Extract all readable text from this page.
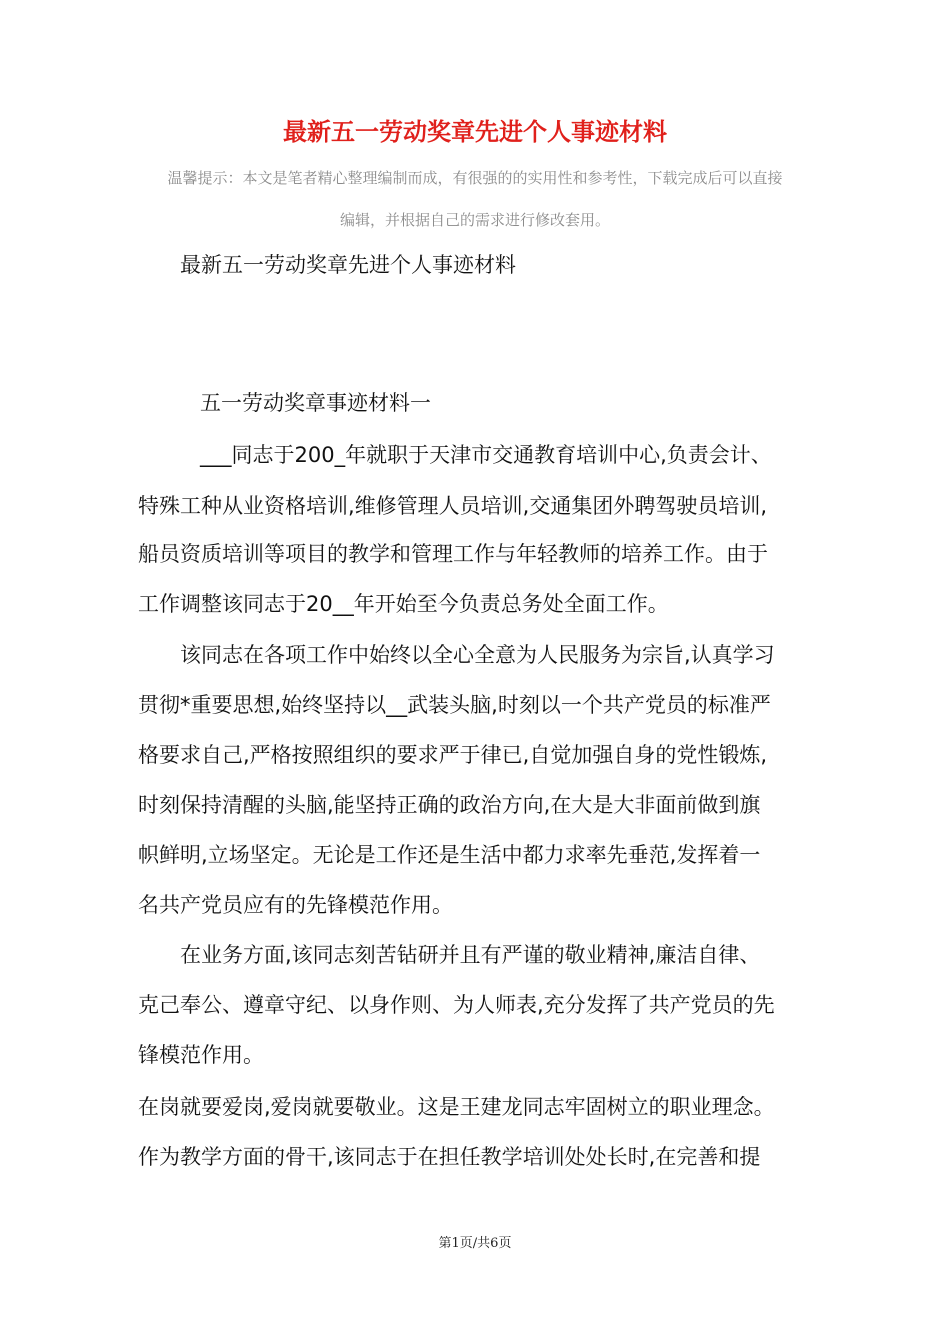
最新五一劳动奖章先进个人事迹材料
温馨提示：本文是笔者精心整理编制而成，有很强的的实用性和参考性，下载完成后可以直接
编辑，并根据自己的需求进行修改套用。
最新五一劳动奖章先进个人事迹材料
五一劳动奖章事迹材料一
___同志于200_年就职于天津市交通教育培训中心,负责会计、
特殊工种从业资格培训,维修管理人员培训,交通集团外聘驾驶员培训,
船员资质培训等项目的教学和管理工作与年轻教师的培养工作。由于
工作调整该同志于20__年开始至今负责总务处全面工作。
该同志在各项工作中始终以全心全意为人民服务为宗旨,认真学习
贯彻*重要思想,始终坚持以__武装头脑,时刻以一个共产党员的标准严
格要求自己,严格按照组织的要求严于律已,自觉加强自身的党性锻炼,
时刻保持清醒的头脑,能坚持正确的政治方向,在大是大非面前做到旗
帜鲜明,立场坚定。无论是工作还是生活中都力求率先垂范,发挥着一
名共产党员应有的先锋模范作用。
在业务方面,该同志刻苦钻研并且有严谨的敬业精神,廉洁自律、
克己奉公、遵章守纪、以身作则、为人师表,充分发挥了共产党员的先
锋模范作用。
在岗就要爱岗,爱岗就要敬业。这是王建龙同志牢固树立的职业理念。
作为教学方面的骨干,该同志于在担任教学培训处处长时,在完善和提
第1页/共6页
